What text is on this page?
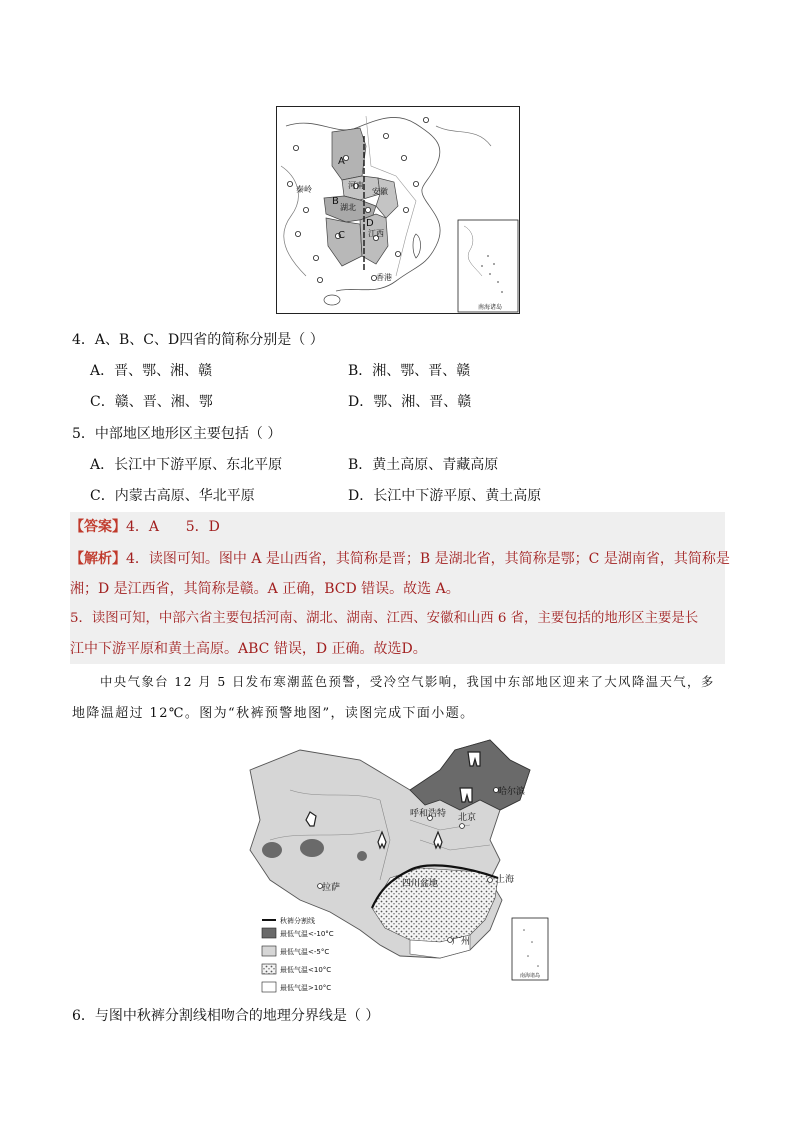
A
河南
安徽
B
湖北
秦岭
D
江西
C
香港
南海诸岛
4．A、B、C、D四省的简称分别是（ ）
A．晋、鄂、湘、赣	B．湘、鄂、晋、赣
C．赣、晋、湘、鄂	D．鄂、湘、晋、赣
5．中部地区地形区主要包括（ ）
A．长江中下游平原、东北平原	B．黄土高原、青藏高原
C．内蒙古高原、华北平原	D．长江中下游平原、黄土高原
【答案】4．A      5．D
【解析】4．读图可知。图中 A 是山西省，其简称是晋；B 是湖北省，其简称是鄂；C 是湖南省，其简称是
湘；D 是江西省，其简称是赣。A 正确，BCD 错误。故选 A。
5．读图可知，中部六省主要包括河南、湖北、湖南、江西、安徽和山西 6 省，主要包括的地形区主要是长
江中下游平原和黄土高原。ABC 错误，D 正确。故选D。
中央气象台 12 月 5 日发布寒潮蓝色预警，受冷空气影响，我国中东部地区迎来了大风降温天气，多
地降温超过 12℃。图为“秋裤预警地图”，读图完成下面小题。
哈尔滨
呼和浩特 北京
拉萨	四川盆地	上海
广州
南海诸岛
秋裤分割线
最低气温<-10°C
最低气温<-5°C
最低气温<10°C
最低气温>10°C
6．与图中秋裤分割线相吻合的地理分界线是（ ）
